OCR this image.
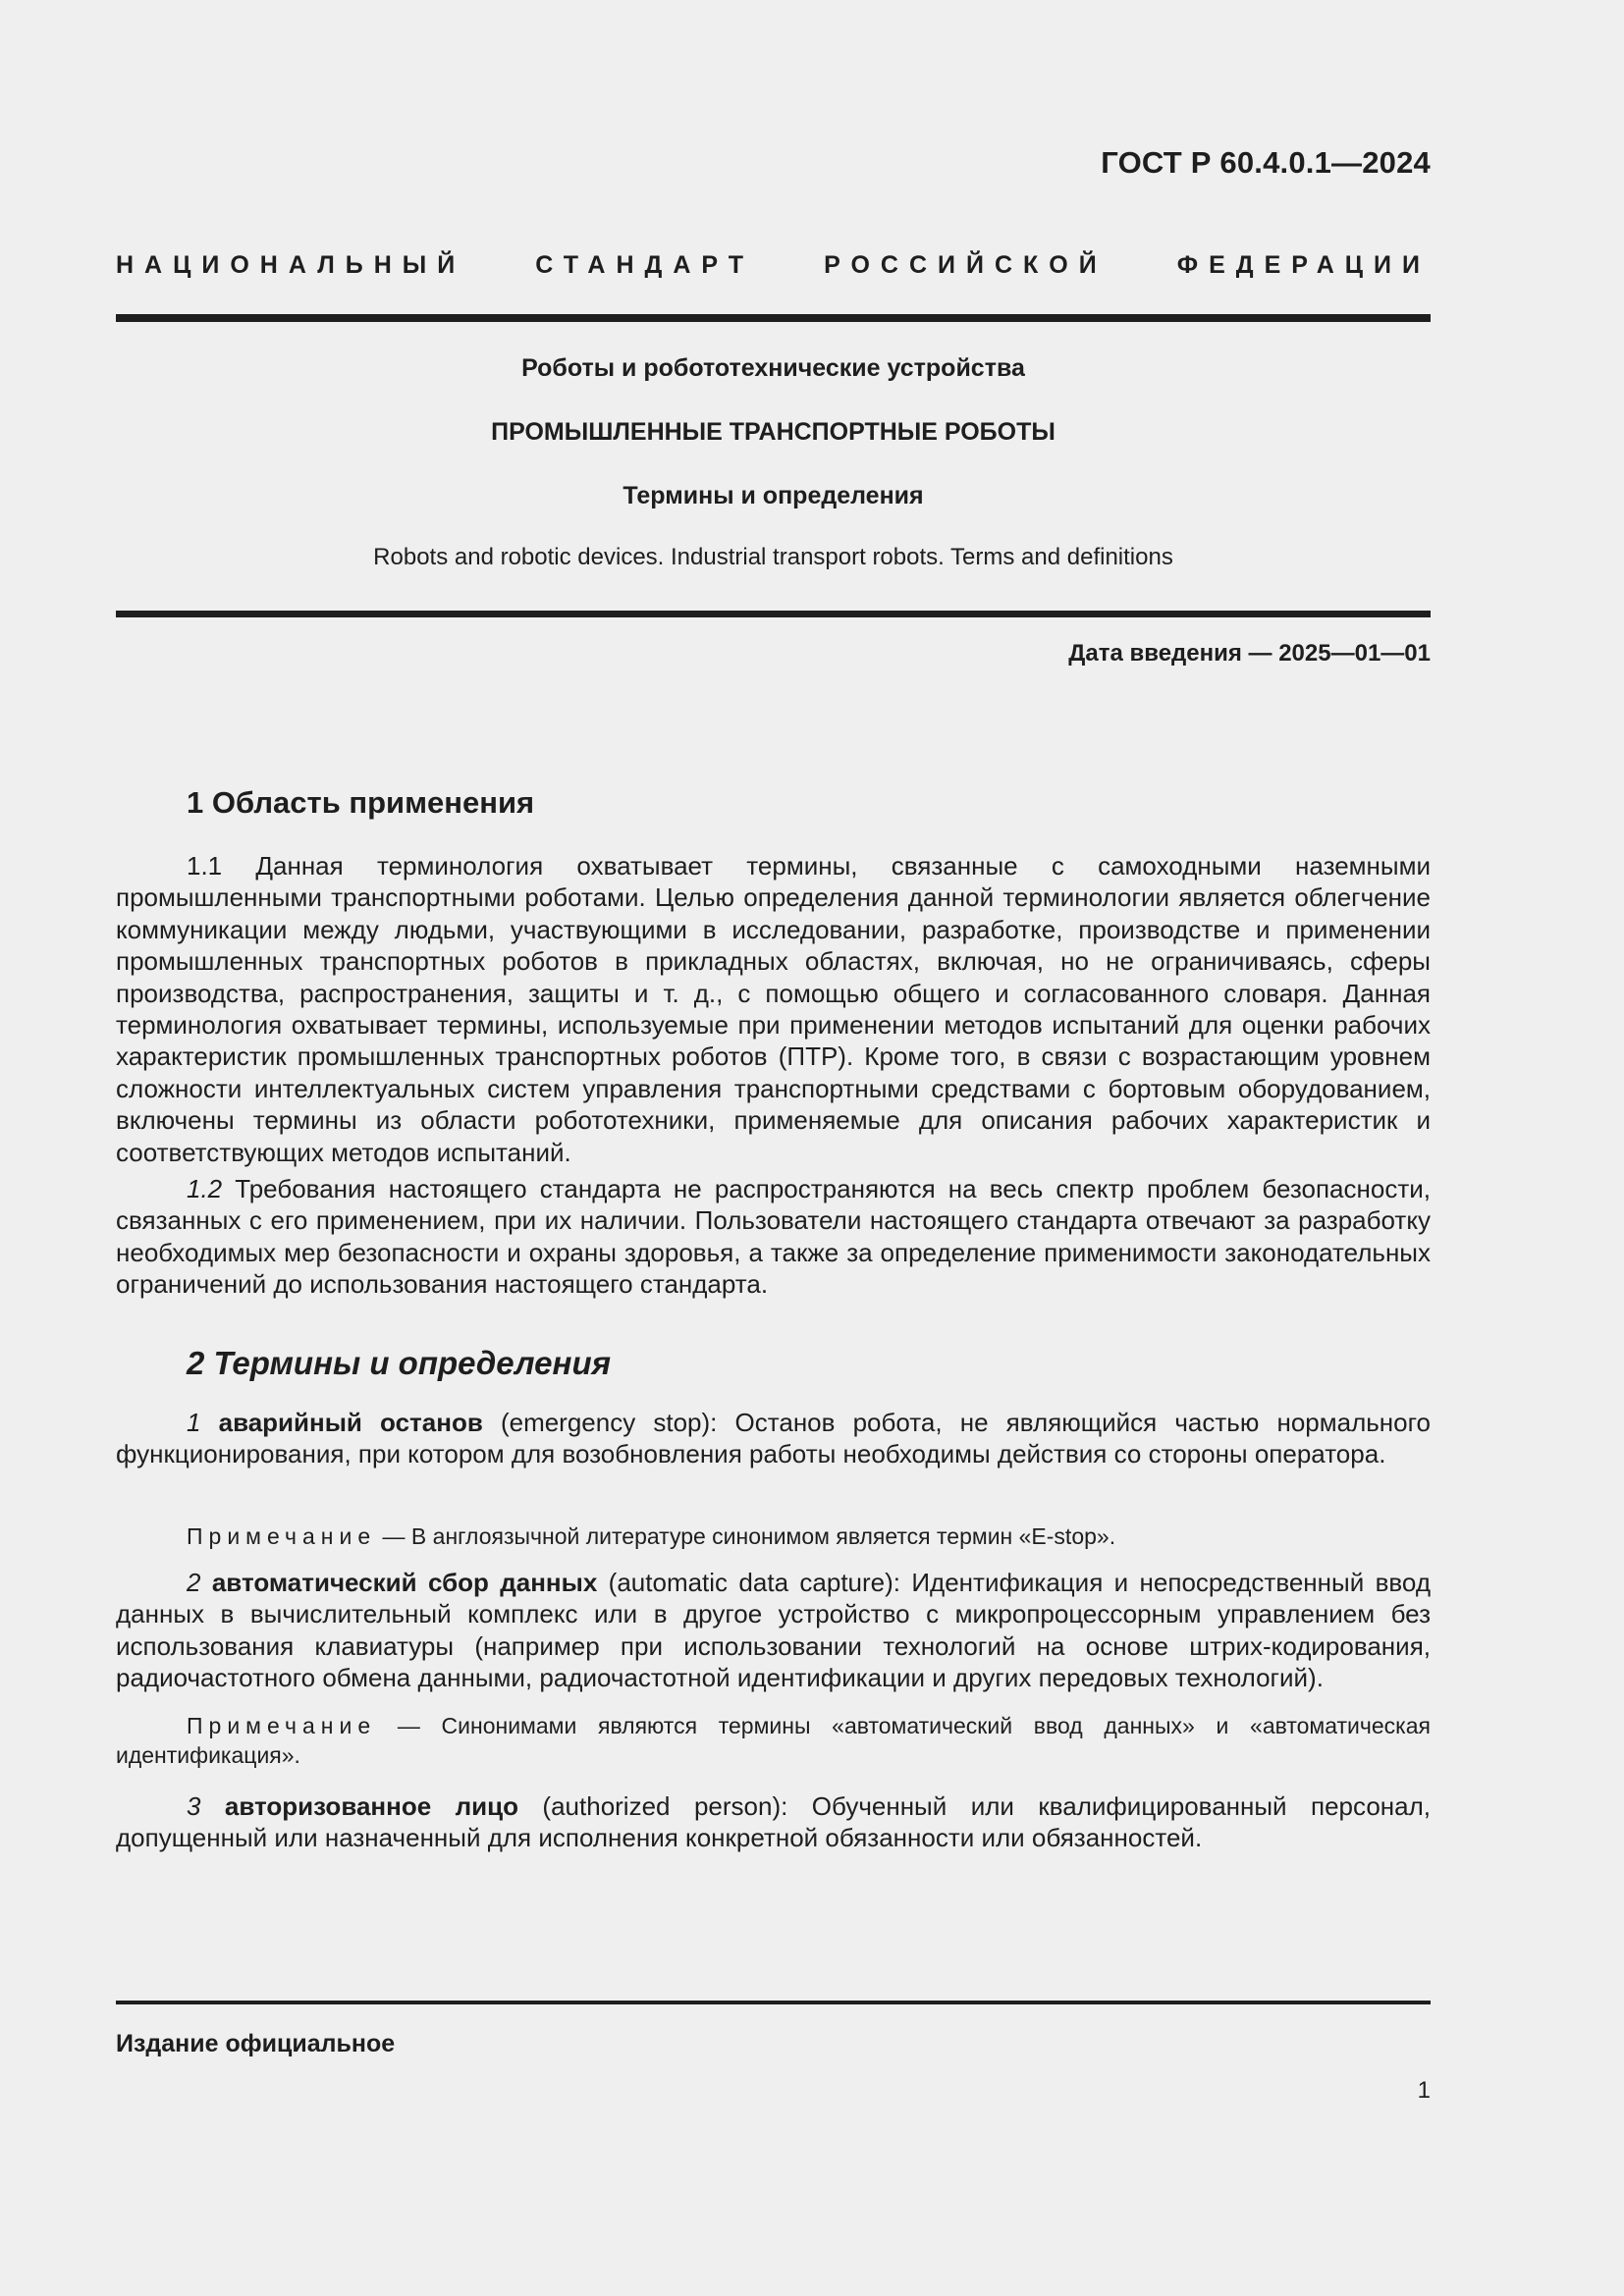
ГОСТ Р 60.4.0.1—2024
НАЦИОНАЛЬНЫЙ СТАНДАРТ РОССИЙСКОЙ ФЕДЕРАЦИИ
Роботы и робототехнические устройства
ПРОМЫШЛЕННЫЕ ТРАНСПОРТНЫЕ РОБОТЫ
Термины и определения
Robots and robotic devices. Industrial transport robots. Terms and definitions
Дата введения — 2025—01—01
1 Область применения
1.1 Данная терминология охватывает термины, связанные с самоходными наземными промышленными транспортными роботами. Целью определения данной терминологии является облегчение коммуникации между людьми, участвующими в исследовании, разработке, производстве и применении промышленных транспортных роботов в прикладных областях, включая, но не ограничиваясь, сферы производства, распространения, защиты и т. д., с помощью общего и согласованного словаря. Данная терминология охватывает термины, используемые при применении методов испытаний для оценки рабочих характеристик промышленных транспортных роботов (ПТР). Кроме того, в связи с возрастающим уровнем сложности интеллектуальных систем управления транспортными средствами с бортовым оборудованием, включены термины из области робототехники, применяемые для описания рабочих характеристик и соответствующих методов испытаний.
1.2 Требования настоящего стандарта не распространяются на весь спектр проблем безопасности, связанных с его применением, при их наличии. Пользователи настоящего стандарта отвечают за разработку необходимых мер безопасности и охраны здоровья, а также за определение применимости законодательных ограничений до использования настоящего стандарта.
2 Термины и определения
1 аварийный останов (emergency stop): Останов робота, не являющийся частью нормального функционирования, при котором для возобновления работы необходимы действия со стороны оператора.
Примечание — В англоязычной литературе синонимом является термин «E-stop».
2 автоматический сбор данных (automatic data capture): Идентификация и непосредственный ввод данных в вычислительный комплекс или в другое устройство с микропроцессорным управлением без использования клавиатуры (например при использовании технологий на основе штрих-кодирования, радиочастотного обмена данными, радиочастотной идентификации и других передовых технологий).
Примечание — Синонимами являются термины «автоматический ввод данных» и «автоматическая идентификация».
3 авторизованное лицо (authorized person): Обученный или квалифицированный персонал, допущенный или назначенный для исполнения конкретной обязанности или обязанностей.
Издание официальное
1
